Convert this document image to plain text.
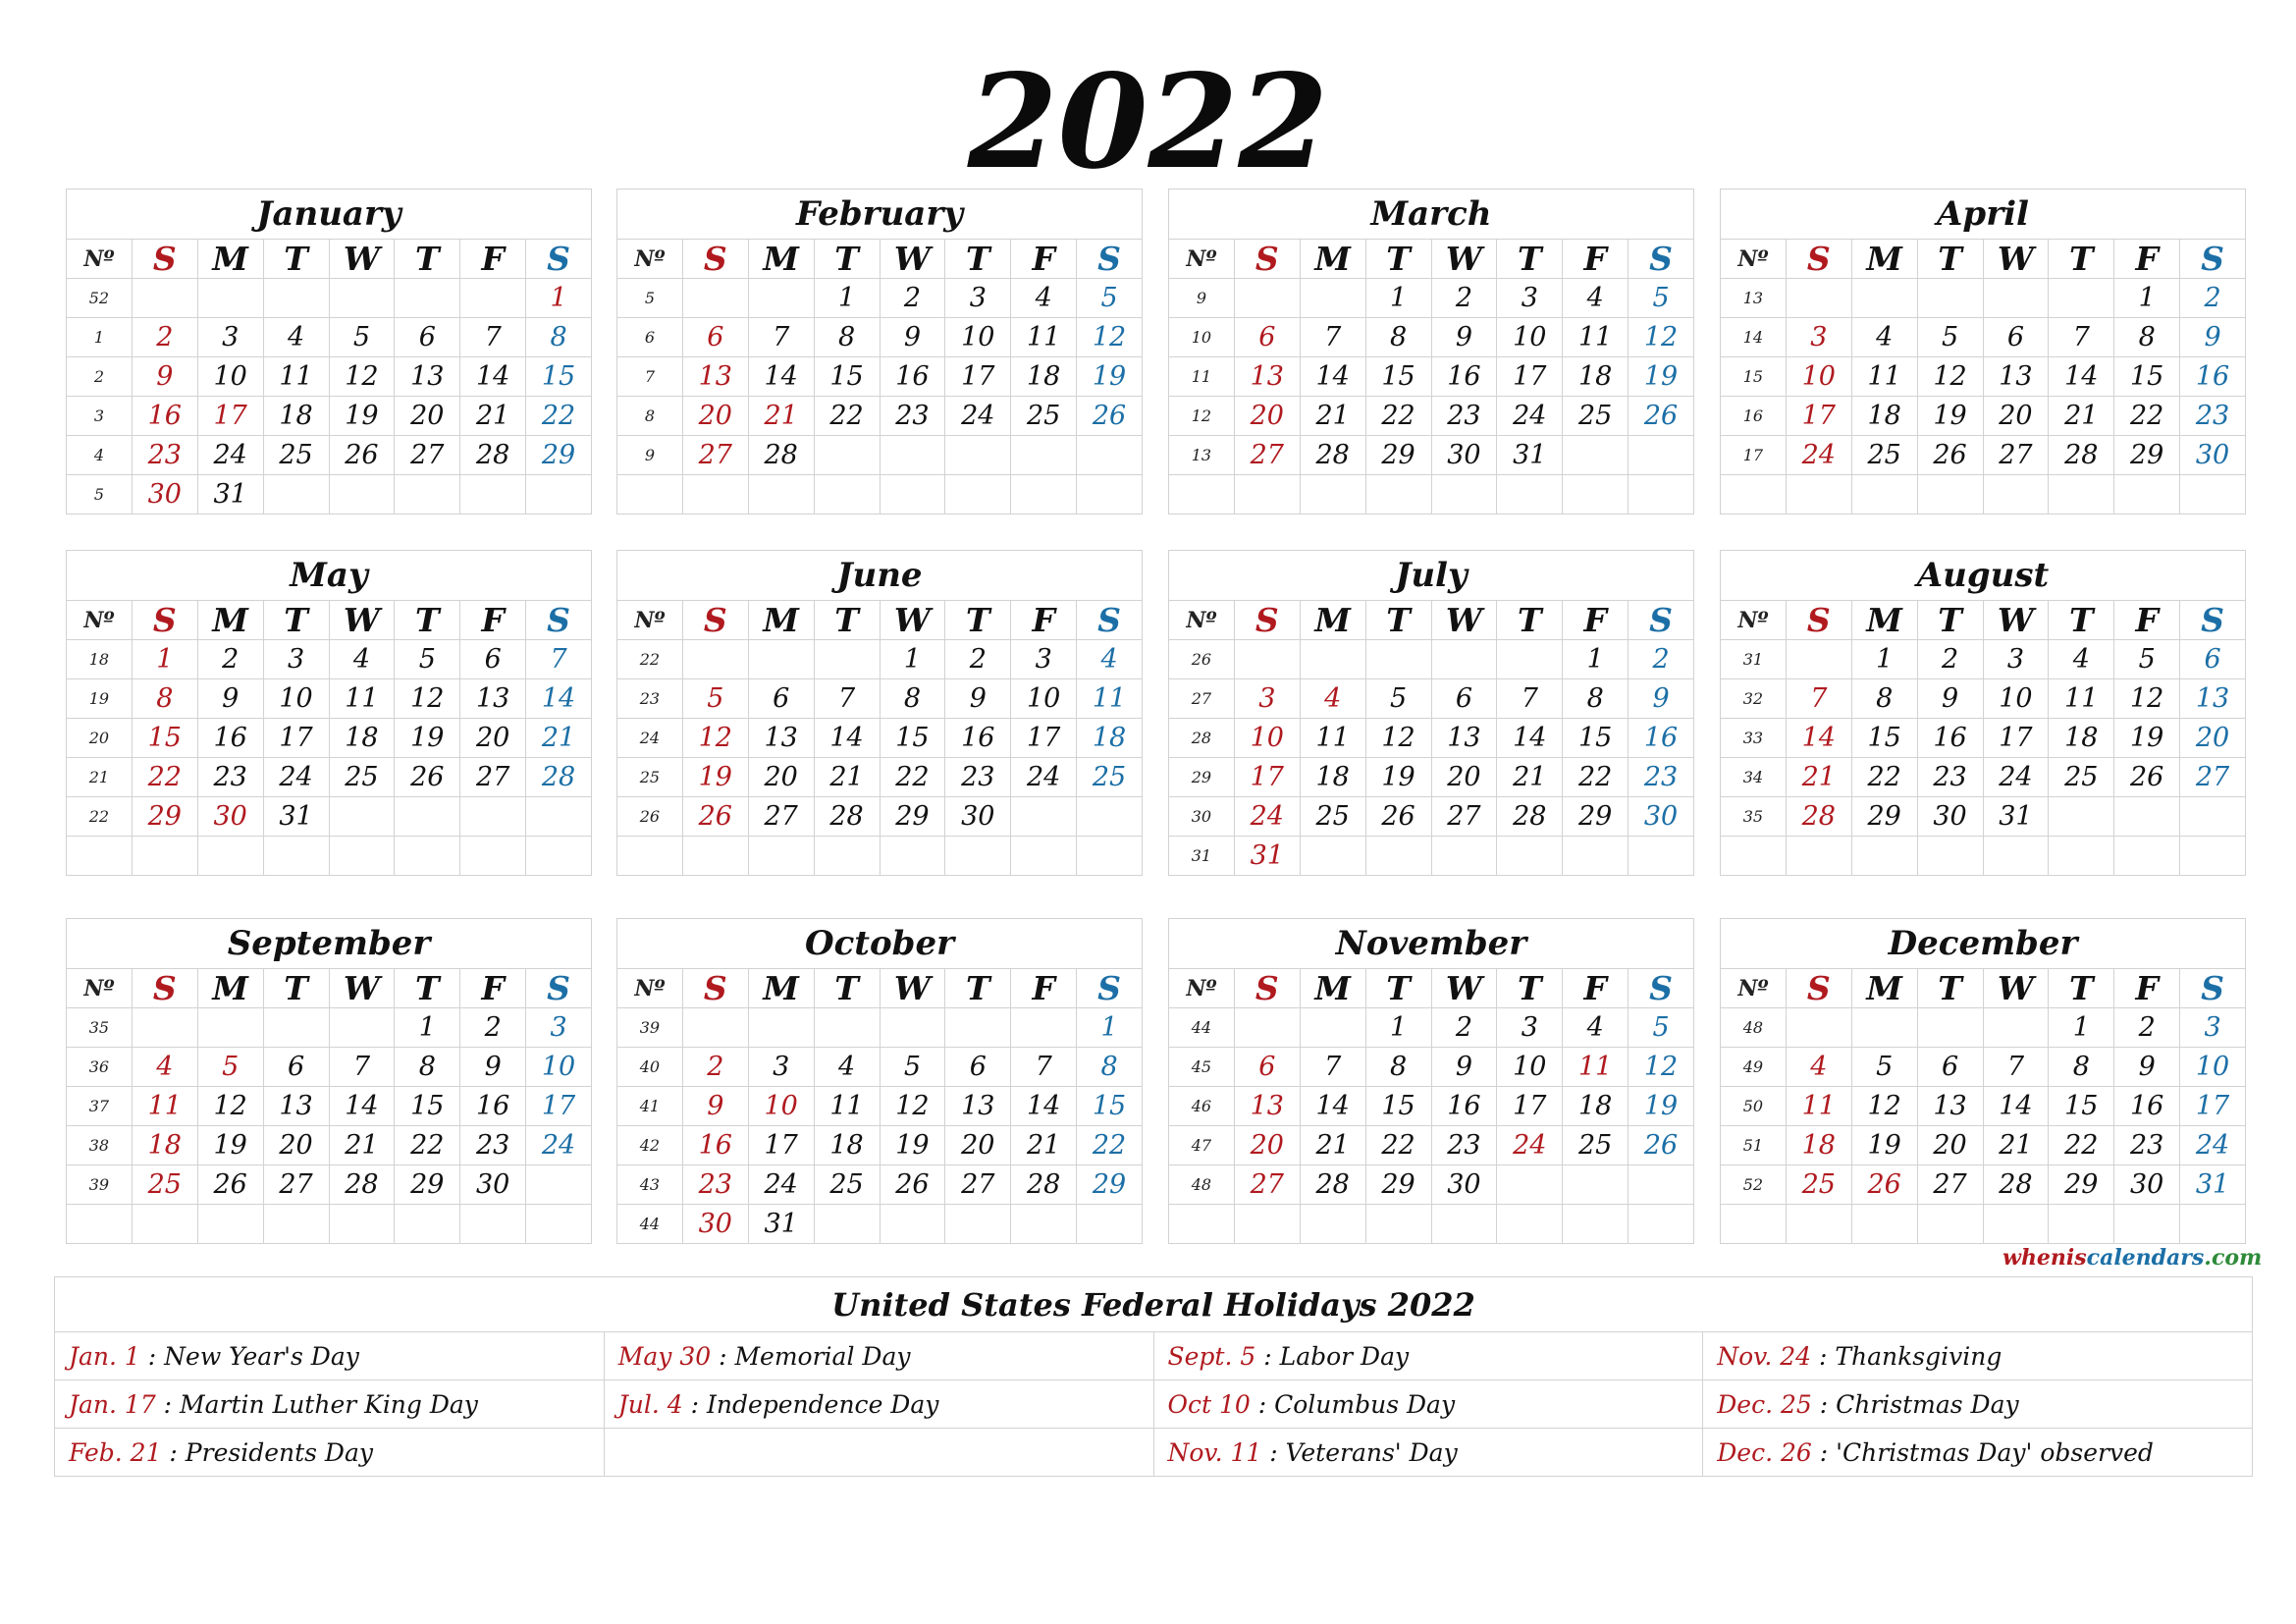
2022
January							
Nº	S	M	T	W	T	F	S
52							1
1	2	3	4	5	6	7	8
2	9	10	11	12	13	14	15
3	16	17	18	19	20	21	22
4	23	24	25	26	27	28	29
5	30	31					
February							
Nº	S	M	T	W	T	F	S
5			1	2	3	4	5
6	6	7	8	9	10	11	12
7	13	14	15	16	17	18	19
8	20	21	22	23	24	25	26
9	27	28					

March							
Nº	S	M	T	W	T	F	S
9			1	2	3	4	5
10	6	7	8	9	10	11	12
11	13	14	15	16	17	18	19
12	20	21	22	23	24	25	26
13	27	28	29	30	31		

April							
Nº	S	M	T	W	T	F	S
13						1	2
14	3	4	5	6	7	8	9
15	10	11	12	13	14	15	16
16	17	18	19	20	21	22	23
17	24	25	26	27	28	29	30

May							
Nº	S	M	T	W	T	F	S
18	1	2	3	4	5	6	7
19	8	9	10	11	12	13	14
20	15	16	17	18	19	20	21
21	22	23	24	25	26	27	28
22	29	30	31				

June							
Nº	S	M	T	W	T	F	S
22				1	2	3	4
23	5	6	7	8	9	10	11
24	12	13	14	15	16	17	18
25	19	20	21	22	23	24	25
26	26	27	28	29	30		

July							
Nº	S	M	T	W	T	F	S
26						1	2
27	3	4	5	6	7	8	9
28	10	11	12	13	14	15	16
29	17	18	19	20	21	22	23
30	24	25	26	27	28	29	30
31	31						
August							
Nº	S	M	T	W	T	F	S
31		1	2	3	4	5	6
32	7	8	9	10	11	12	13
33	14	15	16	17	18	19	20
34	21	22	23	24	25	26	27
35	28	29	30	31			

September							
Nº	S	M	T	W	T	F	S
35					1	2	3
36	4	5	6	7	8	9	10
37	11	12	13	14	15	16	17
38	18	19	20	21	22	23	24
39	25	26	27	28	29	30	

October							
Nº	S	M	T	W	T	F	S
39							1
40	2	3	4	5	6	7	8
41	9	10	11	12	13	14	15
42	16	17	18	19	20	21	22
43	23	24	25	26	27	28	29
44	30	31					
November							
Nº	S	M	T	W	T	F	S
44			1	2	3	4	5
45	6	7	8	9	10	11	12
46	13	14	15	16	17	18	19
47	20	21	22	23	24	25	26
48	27	28	29	30			

December							
Nº	S	M	T	W	T	F	S
48					1	2	3
49	4	5	6	7	8	9	10
50	11	12	13	14	15	16	17
51	18	19	20	21	22	23	24
52	25	26	27	28	29	30	31

wheniscalendars.com
United States Federal Holidays 2022			
Jan. 1 : New Year's Day	May 30 : Memorial Day	Sept. 5 : Labor Day	Nov. 24 : Thanksgiving
Jan. 17 : Martin Luther King Day	Jul. 4 : Independence Day	Oct 10 : Columbus Day	Dec. 25 : Christmas Day
Feb. 21 : Presidents Day		Nov. 11 : Veterans' Day	Dec. 26 : 'Christmas Day' observed
